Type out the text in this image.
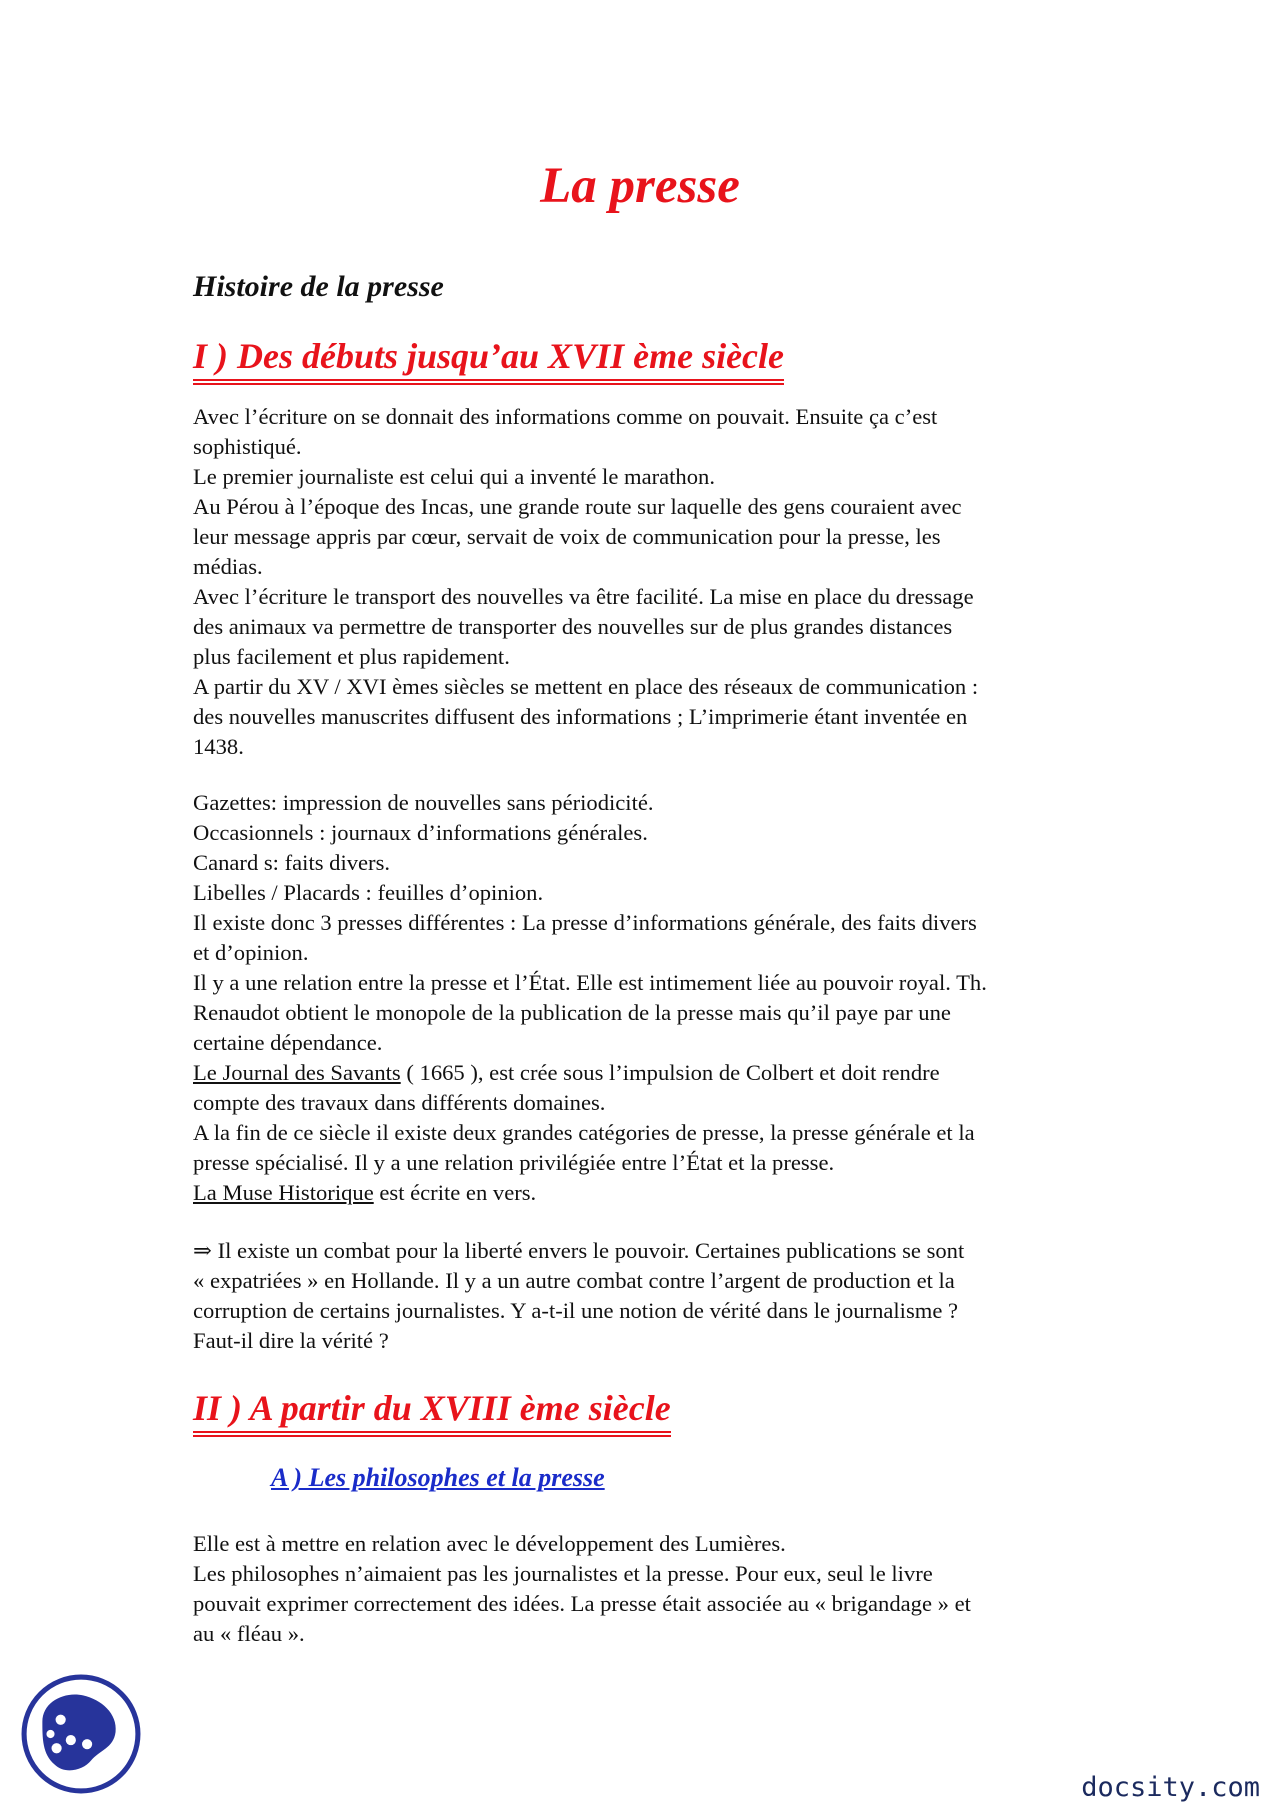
La presse
Histoire de la presse
I ) Des débuts jusqu’au XVII ème siècle

Avec l’écriture on se donnait des informations comme on pouvait. Ensuite ça c’est

sophistiqué.

Le premier journaliste est celui qui a inventé le marathon.

Au Pérou à l’époque des Incas, une grande route sur laquelle des gens couraient avec

leur message appris par cœur, servait de voix de communication pour la presse, les

médias.

Avec l’écriture le transport des nouvelles va être facilité. La mise en place du dressage

des animaux va permettre de transporter des nouvelles sur de plus grandes distances

plus facilement et plus rapidement.

A partir du XV / XVI èmes siècles se mettent en place des réseaux de communication :

des nouvelles manuscrites diffusent des informations ; L’imprimerie étant inventée en

1438.

Gazettes: impression de nouvelles sans périodicité.

Occasionnels : journaux d’informations générales.

Canard s: faits divers.

Libelles / Placards : feuilles d’opinion.

Il existe donc 3 presses différentes : La presse d’informations générale, des faits divers

et d’opinion.

Il y a une relation entre la presse et l’État. Elle est intimement liée au pouvoir royal. Th.

Renaudot obtient le monopole de la publication de la presse mais qu’il paye par une

certaine dépendance.

Le Journal des Savants ( 1665 ), est crée sous l’impulsion de Colbert et doit rendre

compte des travaux dans différents domaines.

A la fin de ce siècle il existe deux grandes catégories de presse, la presse générale et la

presse spécialisé. Il y a une relation privilégiée entre l’État et la presse.

La Muse Historique est écrite en vers.

⇒ Il existe un combat pour la liberté envers le pouvoir. Certaines publications se sont

« expatriées » en Hollande. Il y a un autre combat contre l’argent de production et la

corruption de certains journalistes. Y a-t-il une notion de vérité dans le journalisme ?

Faut-il dire la vérité ?

II ) A partir du XVIII ème siècle
A ) Les philosophes et la presse

Elle est à mettre en relation avec le développement des Lumières.

Les philosophes n’aimaient pas les journalistes et la presse. Pour eux, seul le livre

pouvait exprimer correctement des idées. La presse était associée au « brigandage » et

au « fléau ».

docsity.com
